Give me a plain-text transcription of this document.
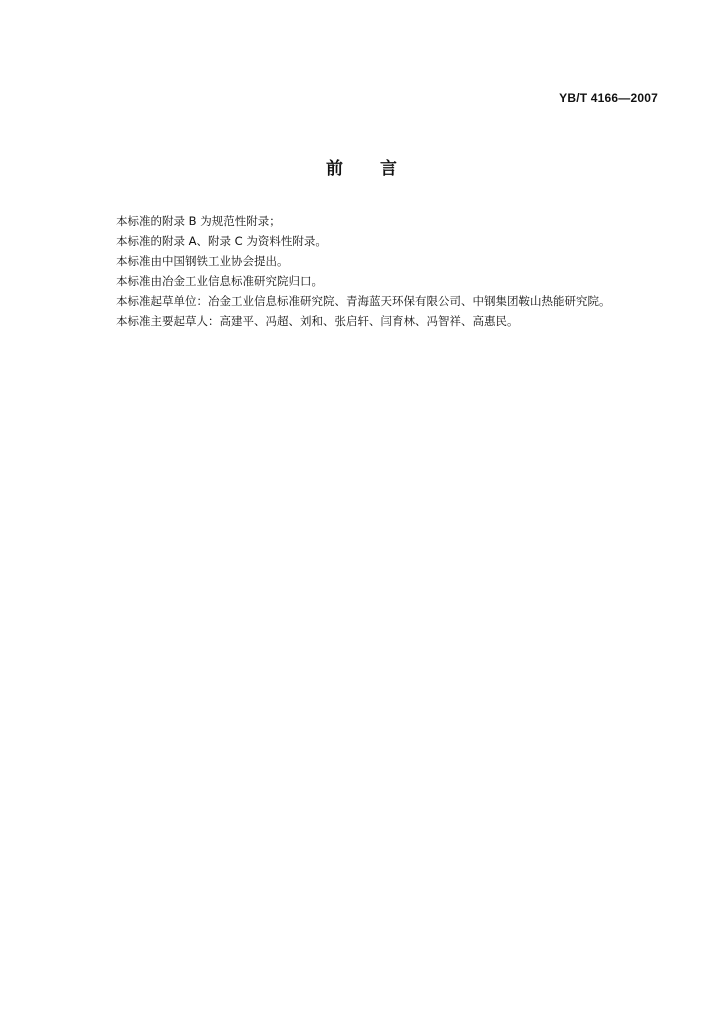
YB/T 4166—2007
前 言
本标准的附录 B 为规范性附录；
本标准的附录 A、附录 C 为资料性附录。
本标准由中国钢铁工业协会提出。
本标准由冶金工业信息标准研究院归口。
本标准起草单位：冶金工业信息标准研究院、青海蓝天环保有限公司、中钢集团鞍山热能研究院。
本标准主要起草人：高建平、冯超、刘和、张启轩、闫育林、冯智祥、高惠民。
